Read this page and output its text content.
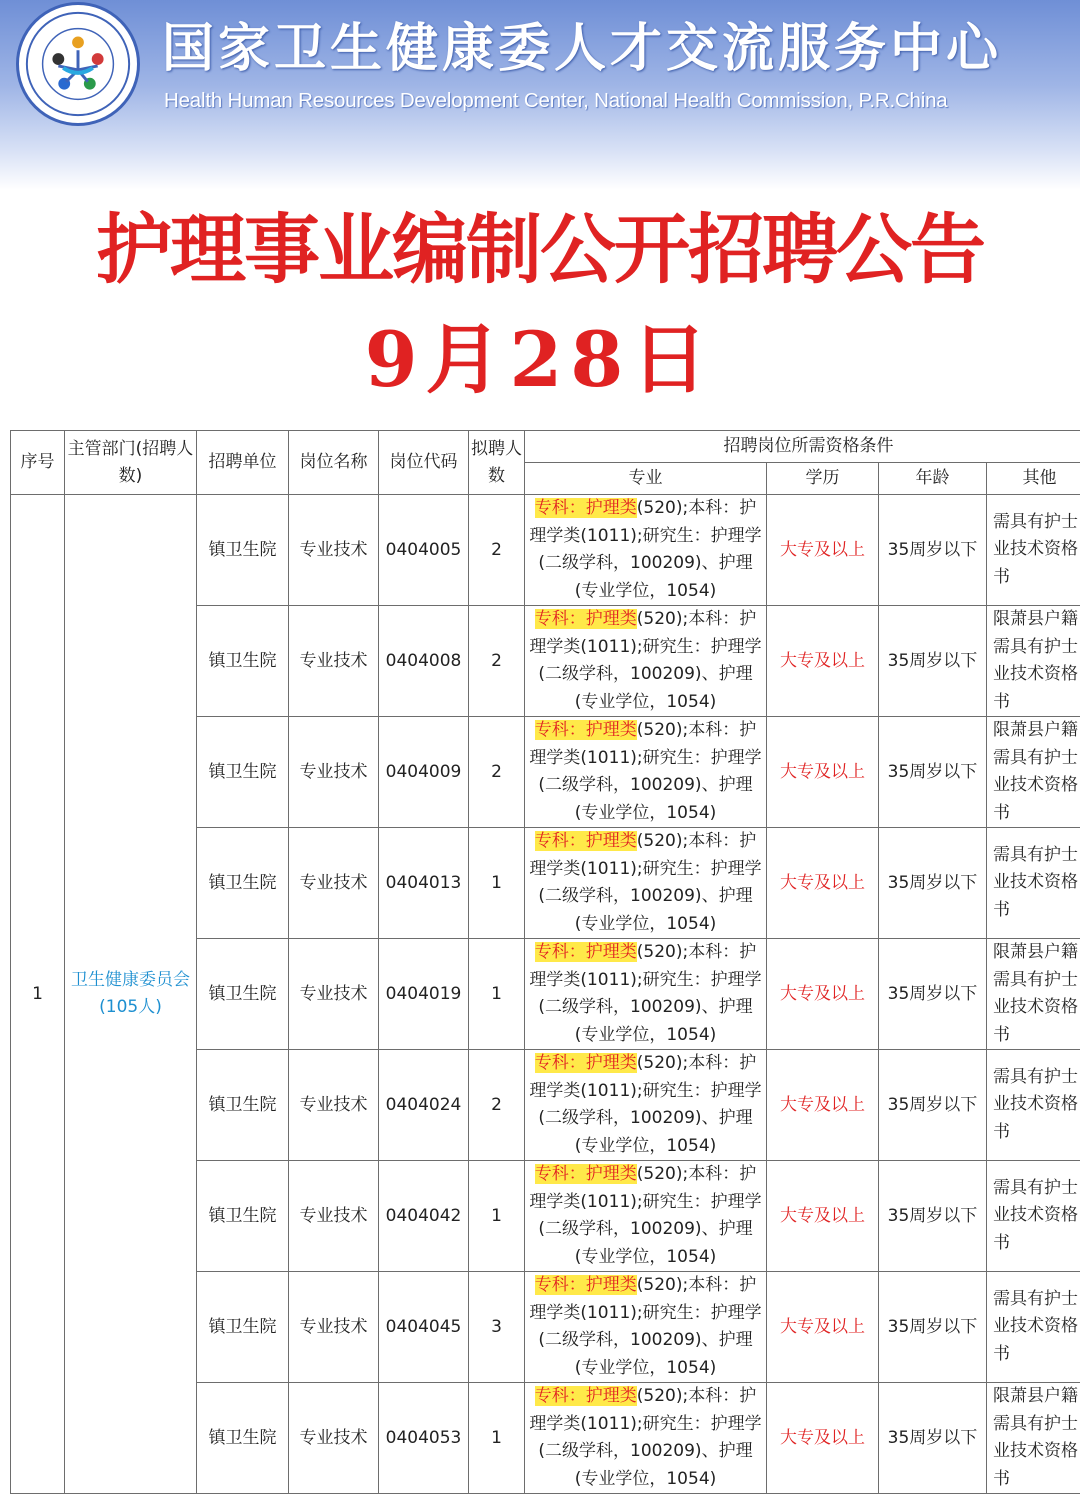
国家卫生健康委人才交流服务中心
Health Human Resources Development Center, National Health Commission, P.R.China
护理事业编制公开招聘公告
9月28日
序号	主管部门(招聘人数)	招聘单位	岗位名称	岗位代码	拟聘人数	招聘岗位所需资格条件			
						专业	学历	年龄	其他
1	卫生健康委员会(105人)	镇卫生院	专业技术	0404005	2	专科：护理类(520);本科：护理学类(1011);研究生：护理学(二级学科，100209)、护理(专业学位，1054)	大专及以上	35周岁以下	需具有护士
业技术资格
书

		镇卫生院	专业技术	0404008	2	专科：护理类(520);本科：护理学类(1011);研究生：护理学(二级学科，100209)、护理(专业学位，1054)	大专及以上	35周岁以下	限萧县户籍
需具有护士
业技术资格
书

		镇卫生院	专业技术	0404009	2	专科：护理类(520);本科：护理学类(1011);研究生：护理学(二级学科，100209)、护理(专业学位，1054)	大专及以上	35周岁以下	限萧县户籍
需具有护士
业技术资格
书

		镇卫生院	专业技术	0404013	1	专科：护理类(520);本科：护理学类(1011);研究生：护理学(二级学科，100209)、护理(专业学位，1054)	大专及以上	35周岁以下	需具有护士
业技术资格
书

		镇卫生院	专业技术	0404019	1	专科：护理类(520);本科：护理学类(1011);研究生：护理学(二级学科，100209)、护理(专业学位，1054)	大专及以上	35周岁以下	限萧县户籍
需具有护士
业技术资格
书

		镇卫生院	专业技术	0404024	2	专科：护理类(520);本科：护理学类(1011);研究生：护理学(二级学科，100209)、护理(专业学位，1054)	大专及以上	35周岁以下	需具有护士
业技术资格
书

		镇卫生院	专业技术	0404042	1	专科：护理类(520);本科：护理学类(1011);研究生：护理学(二级学科，100209)、护理(专业学位，1054)	大专及以上	35周岁以下	需具有护士
业技术资格
书

		镇卫生院	专业技术	0404045	3	专科：护理类(520);本科：护理学类(1011);研究生：护理学(二级学科，100209)、护理(专业学位，1054)	大专及以上	35周岁以下	需具有护士
业技术资格
书

		镇卫生院	专业技术	0404053	1	专科：护理类(520);本科：护理学类(1011);研究生：护理学(二级学科，100209)、护理(专业学位，1054)	大专及以上	35周岁以下	限萧县户籍
需具有护士
业技术资格
书
